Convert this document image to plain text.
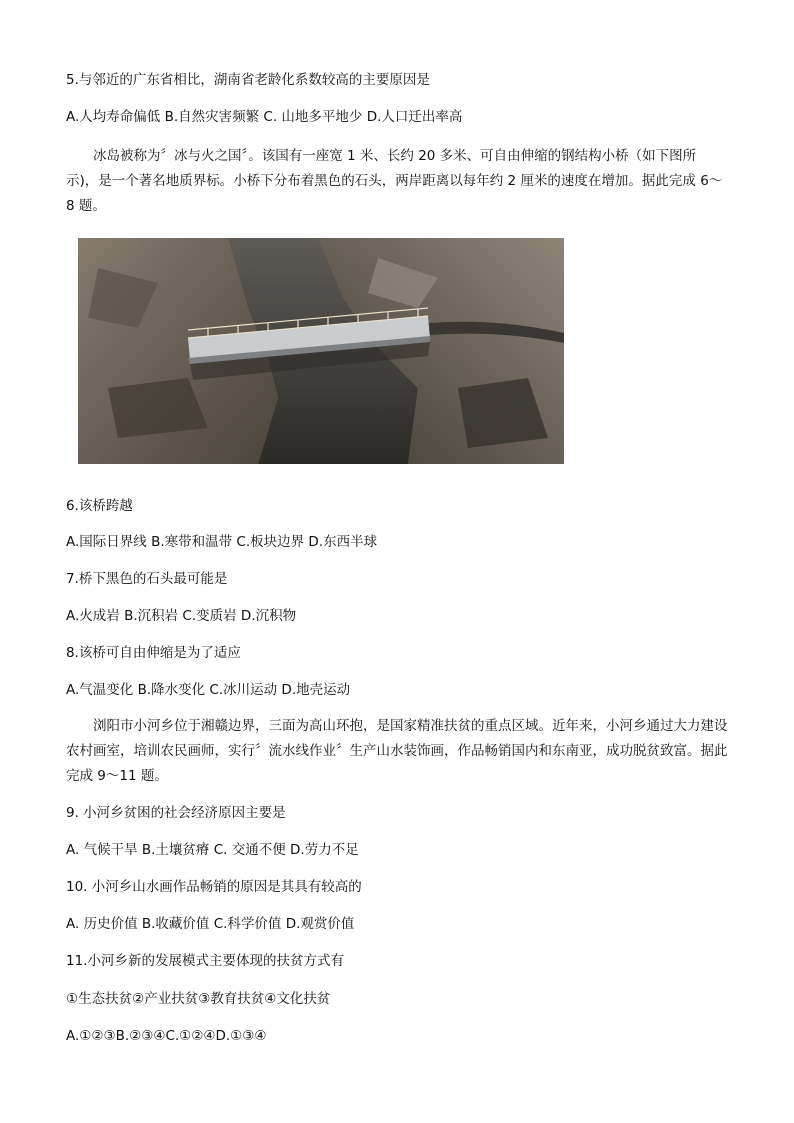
5.与邻近的广东省相比，湖南省老龄化系数较高的主要原因是
A.人均寿命偏低 B.自然灾害频繁 C. 山地多平地少 D.人口迁出率高
冰岛被称为〞冰与火之国〞。该国有一座宽 1 米、长约 20 多米、可自由伸缩的钢结构小桥（如下图所示)，是一个著名地质界标。小桥下分布着黑色的石头，两岸距离以每年约 2 厘米的速度在增加。据此完成 6～8 题。
6.该桥跨越
A.国际日界线 B.寒带和温带 C.板块边界 D.东西半球
7.桥下黑色的石头最可能是
A.火成岩 B.沉积岩 C.变质岩 D.沉积物
8.该桥可自由伸缩是为了适应
A.气温变化 B.降水变化 C.冰川运动 D.地壳运动
浏阳市小河乡位于湘赣边界，三面为高山环抱，是国家精准扶贫的重点区域。近年来，小河乡通过大力建设农村画室，培训农民画师，实行〞流水线作业〞生产山水装饰画，作品畅销国内和东南亚，成功脱贫致富。据此完成 9～11 题。
9. 小河乡贫困的社会经济原因主要是
A. 气候干旱 B.土壤贫瘠 C. 交通不便 D.劳力不足
10. 小河乡山水画作品畅销的原因是其具有较高的
A. 历史价值 B.收藏价值 C.科学价值 D.观赏价值
11.小河乡新的发展模式主要体现的扶贫方式有
①生态扶贫②产业扶贫③教育扶贫④文化扶贫
A.①②③B.②③④C.①②④D.①③④
